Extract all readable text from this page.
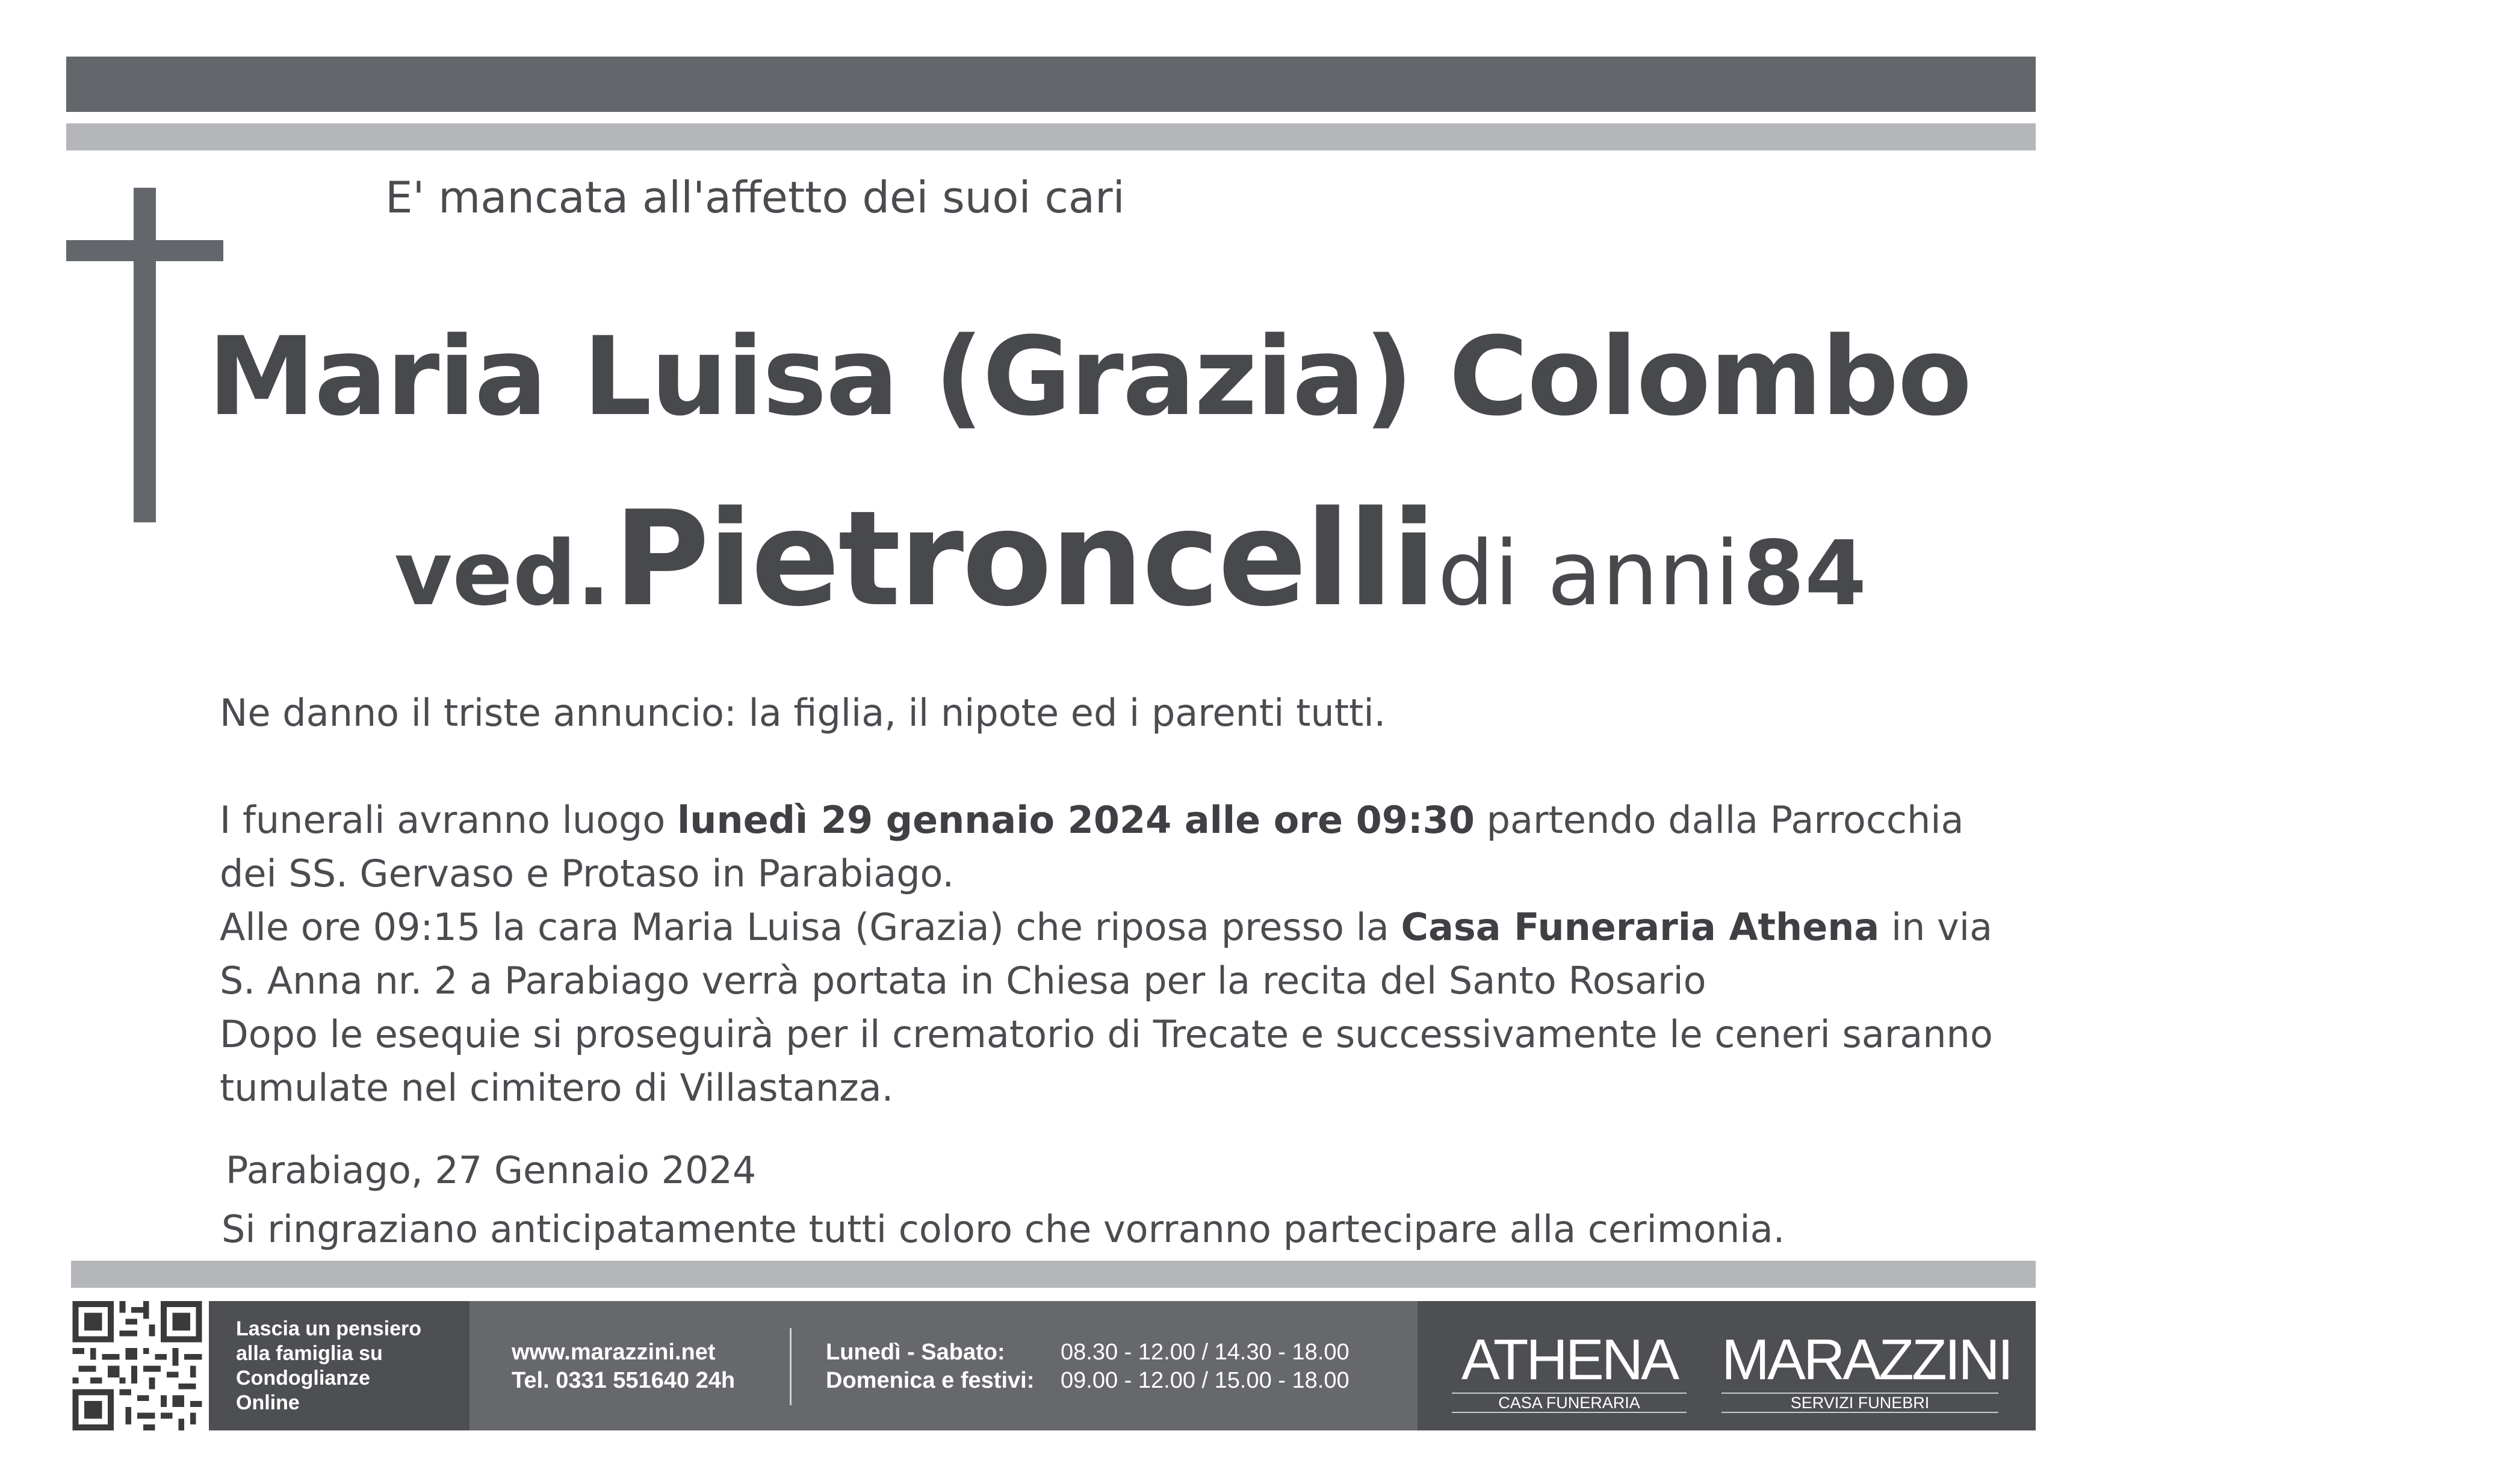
E' mancata all'affetto dei suoi cari
Maria Luisa (Grazia) Colombo
ved. Pietroncelli di anni 84
Ne danno il triste annuncio: la figlia, il nipote ed i parenti tutti.
I funerali avranno luogo lunedì 29 gennaio 2024 alle ore 09:30 partendo dalla Parrocchia
dei SS. Gervaso e Protaso in Parabiago.
Alle ore 09:15 la cara Maria Luisa (Grazia) che riposa presso la Casa Funeraria Athena in via
S. Anna nr. 2 a Parabiago verrà portata in Chiesa per la recita del Santo Rosario
Dopo le esequie si proseguirà per il crematorio di Trecate e successivamente le ceneri saranno
tumulate nel cimitero di Villastanza.
Parabiago, 27 Gennaio 2024
Si ringraziano anticipatamente tutti coloro che vorranno partecipare alla cerimonia.
Lascia un pensiero
alla famiglia su
Condoglianze
Online
www.marazzini.net
Tel. 0331 551640 24h
Lunedì - Sabato: 08.30 - 12.00 / 14.30 - 18.00
Domenica e festivi: 09.00 - 12.00 / 15.00 - 18.00 ATHENA
CASA FUNERARIA
MARAZZINI
SERVIZI FUNEBRI
